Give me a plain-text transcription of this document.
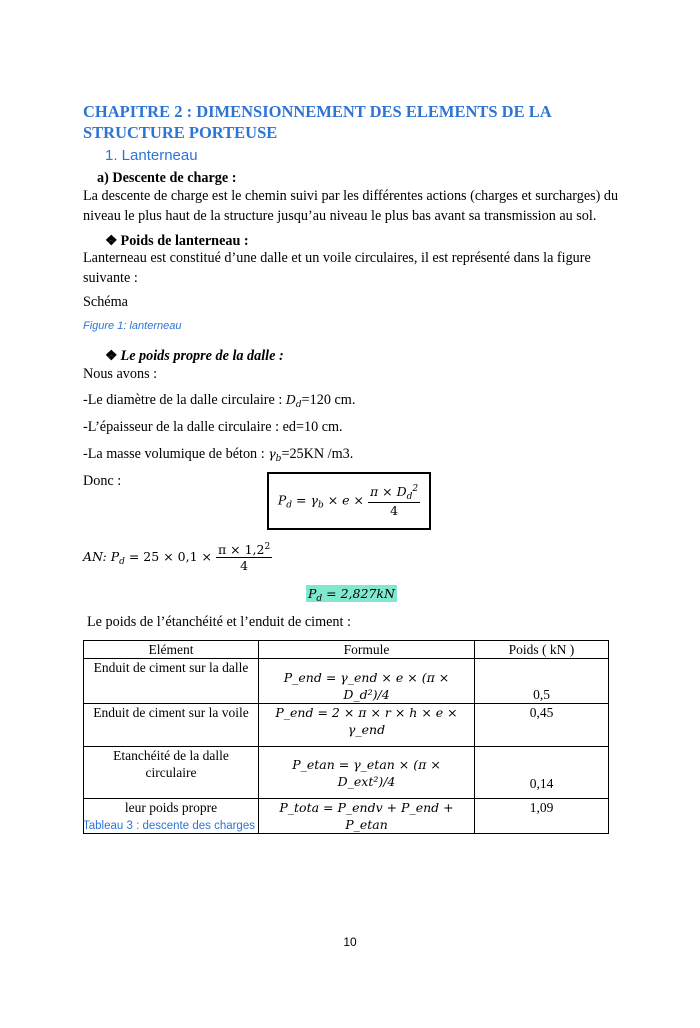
CHAPITRE 2 : DIMENSIONNEMENT DES ELEMENTS DE LA STRUCTURE PORTEUSE
1. Lanterneau
a) Descente de charge :
La descente de charge est le chemin suivi par les différentes actions (charges et surcharges) du niveau le plus haut de la structure jusqu’au niveau le plus bas avant sa transmission au sol.
❖ Poids de lanterneau :
Lanterneau est constitué d’une dalle et un voile circulaires, il est représenté dans la figure suivante :
Schéma
Figure 1: lanterneau
❖ Le poids propre de la dalle :
Nous avons :
-Le diamètre de la dalle circulaire : $D_d=120$ cm.
-L’épaisseur de la dalle circulaire : ed=10 cm.
-La masse volumique de béton : $\gamma_b=25KN$ /m3.
Donc :
$P_d = \gamma_b \times e \times \frac{\pi \times D_d^2}{4}$
AN: $P_d = 25 \times 0,1 \times \frac{\pi \times 1,2^2}{4}$
$P_d = 2,827kN$
Le poids de l’étanchéité et l’enduit de ciment :
Elément	Formule	Poids ( kN )
Enduit de ciment sur la dalle	P_end = γ_end × e × (π × D_d²)/4	0,5
Enduit de ciment sur la voile	P_end = 2 × π × r × h × e × γ_end	0,45
Etanchéité de la dalle circulaire	P_etan = γ_etan × (π × D_ext²)/4	0,14
leur poids propre	P_tota = P_endv + P_end + P_etan	1,09
Tableau 3 : descente des charges
10
